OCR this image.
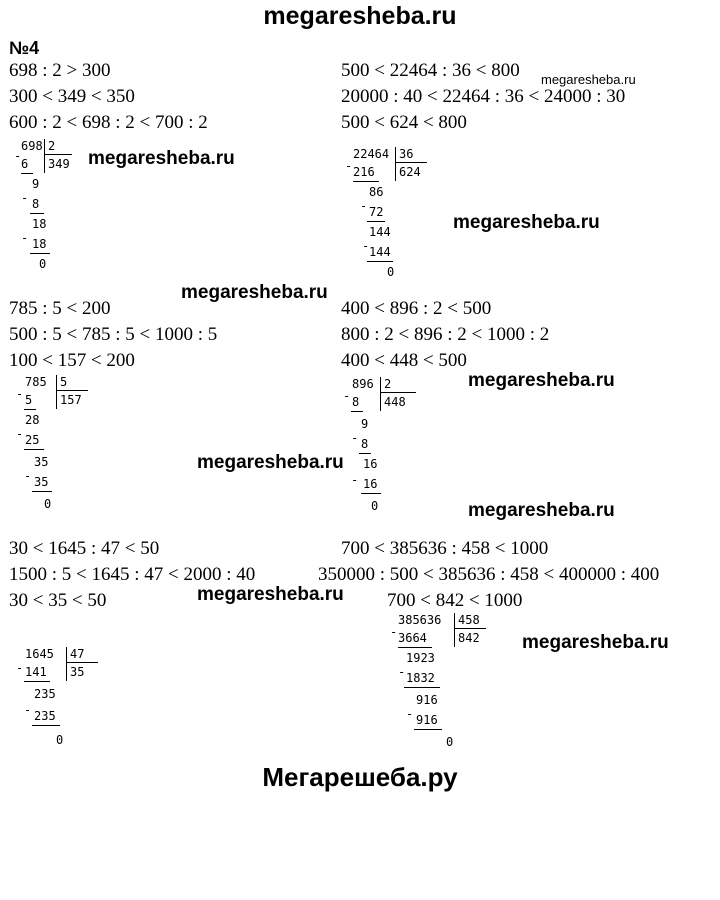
megaresheba.ru
№4
698 : 2 > 300
300 < 349 < 350
600 : 2 < 698 : 2 < 700 : 2

698

2

349

-

6

9

-

8

18

-

18

0

500 < 22464 : 36 < 800
20000 : 40 < 22464 : 36 < 24000 : 30
500 < 624 < 800

22464

36

624

-

216

86

-

72

144

-

144

0

785 : 5 < 200
500 : 5 < 785 : 5 < 1000 : 5
100 < 157 < 200

785

5

157

-

5

28

-

25

35

-

35

0

400 < 896 : 2 < 500
800 : 2 < 896 : 2 < 1000 : 2
400 < 448 < 500

896

2

448

-

8

9

-

8

16

-

16

0

30 < 1645 : 47 < 50
1500 : 5 < 1645 : 47 < 2000 : 40
30 < 35 < 50

1645

47

35

-

141

235

-

235

0

700 < 385636 : 458 < 1000
350000 : 500 < 385636 : 458 < 400000 : 400
700 < 842 < 1000

385636

458

842

-

3664

1923

-

1832

916

-

916

0

megaresheba.ru
megaresheba.ru
megaresheba.ru
megaresheba.ru
megaresheba.ru
megaresheba.ru
megaresheba.ru
megaresheba.ru
megaresheba.ru
Мегарешеба.ру
